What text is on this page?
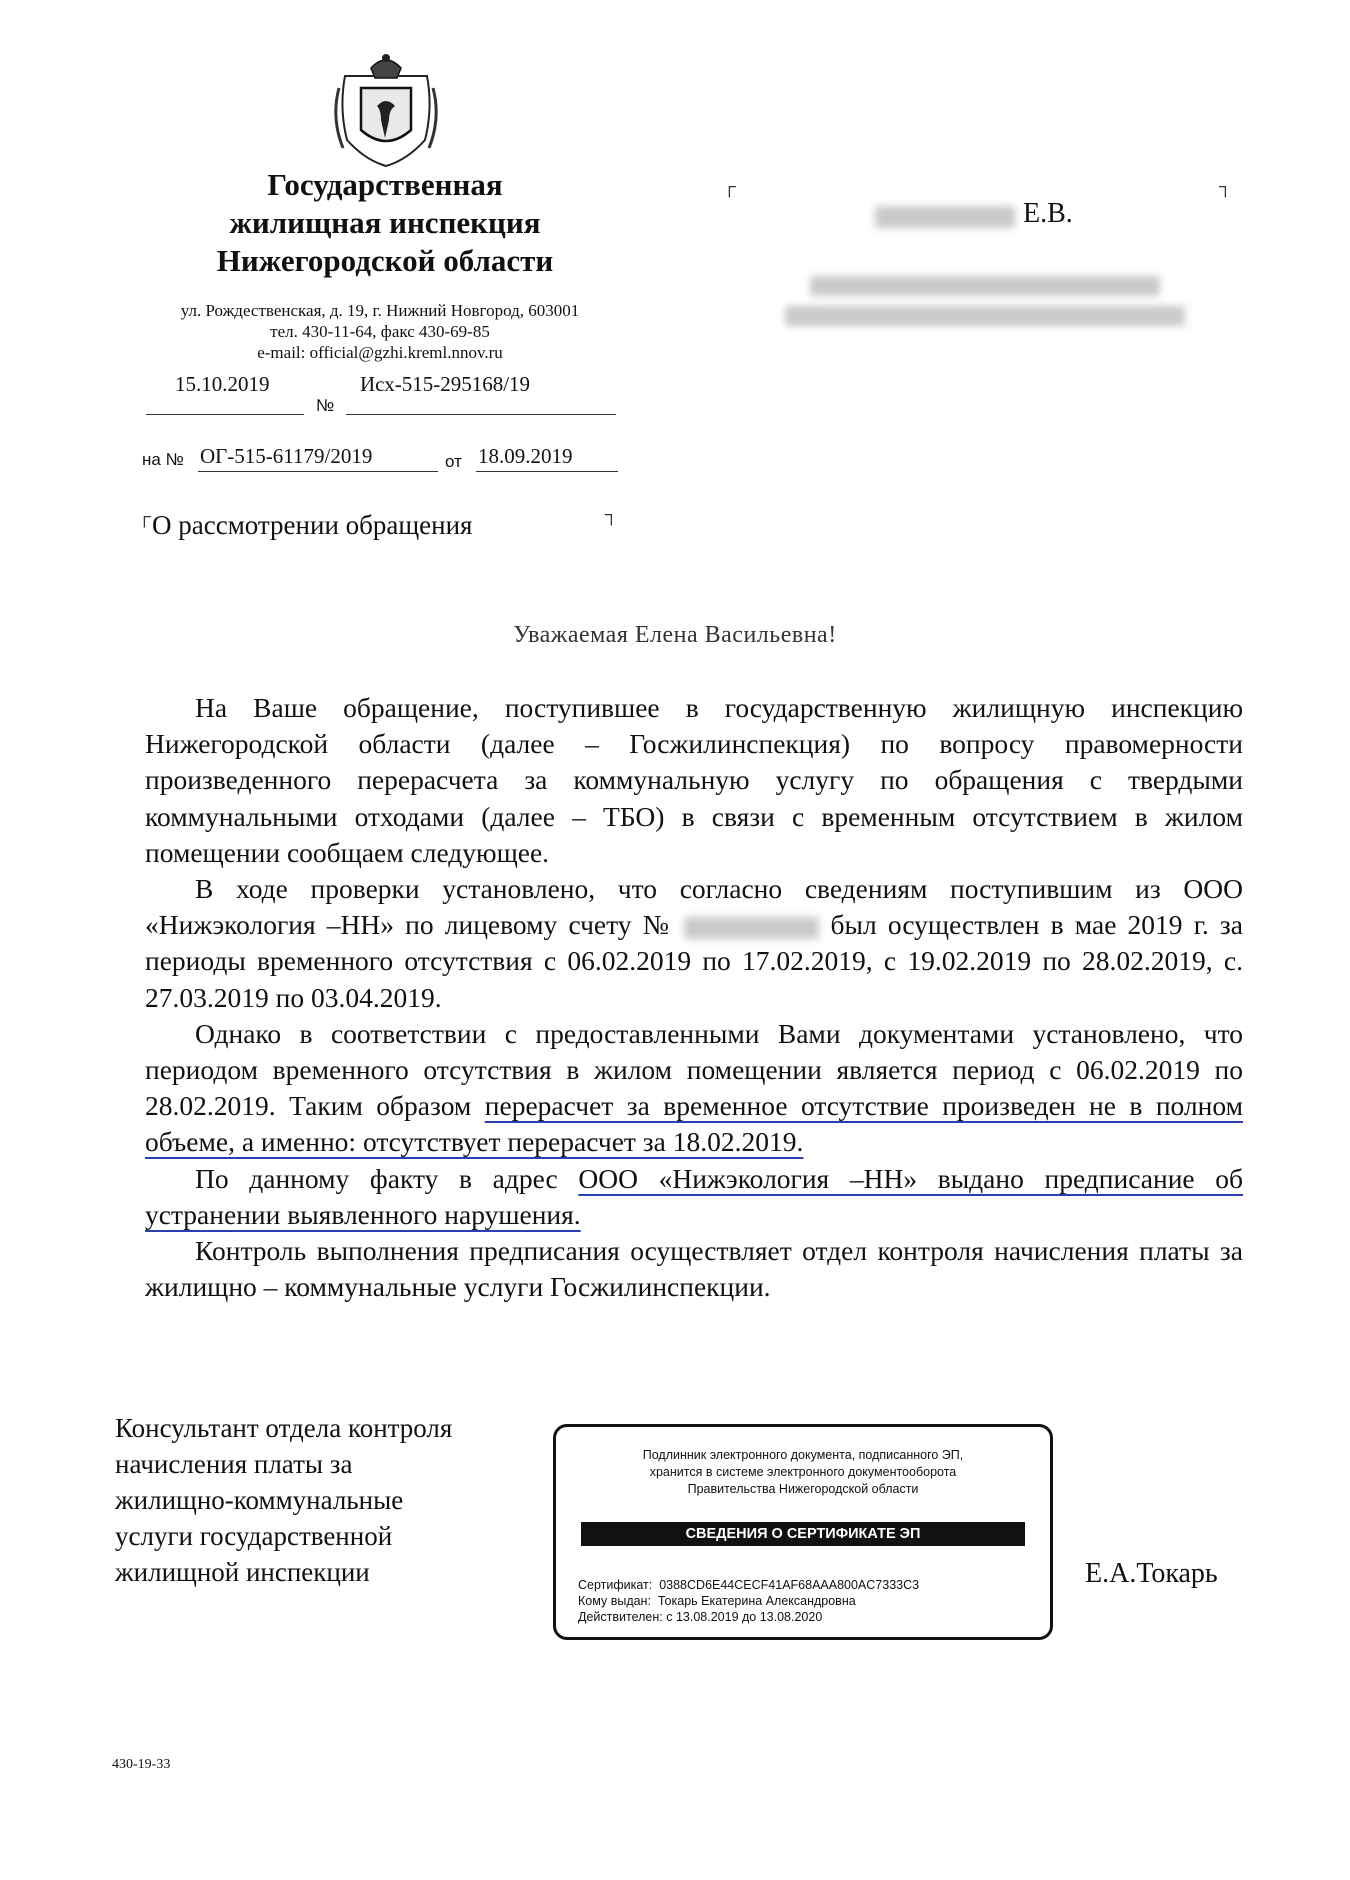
Государственная
жилищная инспекция
Нижегородской области
ул. Рождественская, д. 19, г. Нижний Новгород, 603001
тел. 430-11-64, факс 430-69-85
e-mail: official@gzhi.kreml.nnov.ru
15.10.2019	Исх-515-295168/19
№
на № ОГ-515-61179/2019	от 18.09.2019
┌	┐
О рассмотрении обращения
┌	┐
Е.В.
Уважаемая Елена Васильевна!

На Ваше обращение, поступившее в государственную жилищную инспекцию Нижегородской области (далее – Госжилинспекция) по вопросу правомерности произведенного перерасчета за коммунальную услугу по обращения с твердыми коммунальными отходами (далее – ТБО) в связи с временным отсутствием в жилом помещении сообщаем следующее.

В ходе проверки установлено, что согласно сведениям поступившим из ООО «Нижэкология –НН» по лицевому счету №	был осуществлен в мае 2019 г. за периоды временного отсутствия с 06.02.2019 по 17.02.2019, с 19.02.2019 по 28.02.2019, с. 27.03.2019 по 03.04.2019.

Однако в соответствии с предоставленными Вами документами установлено, что периодом временного отсутствия в жилом помещении является период с 06.02.2019 по 28.02.2019. Таким образом перерасчет за временное отсутствие произведен не в полном объеме, а именно: отсутствует перерасчет за 18.02.2019.

По данному факту в адрес ООО «Нижэкология –НН» выдано предписание об устранении выявленного нарушения.

Контроль выполнения предписания осуществляет отдел контроля начисления платы за жилищно – коммунальные услуги Госжилинспекции.

Консультант отдела контроля
начисления платы за
жилищно-коммунальные
услуги государственной
жилищной инспекции
Подлинник электронного документа, подписанного ЭП,
хранится в системе электронного документооборота
Правительства Нижегородской области
СВЕДЕНИЯ О СЕРТИФИКАТЕ ЭП
Сертификат: 0388CD6E44CECF41AF68AAA800AC7333C3
Кому выдан: Токарь Екатерина Александровна
Действителен: с 13.08.2019 до 13.08.2020
Е.А.Токарь
430-19-33
